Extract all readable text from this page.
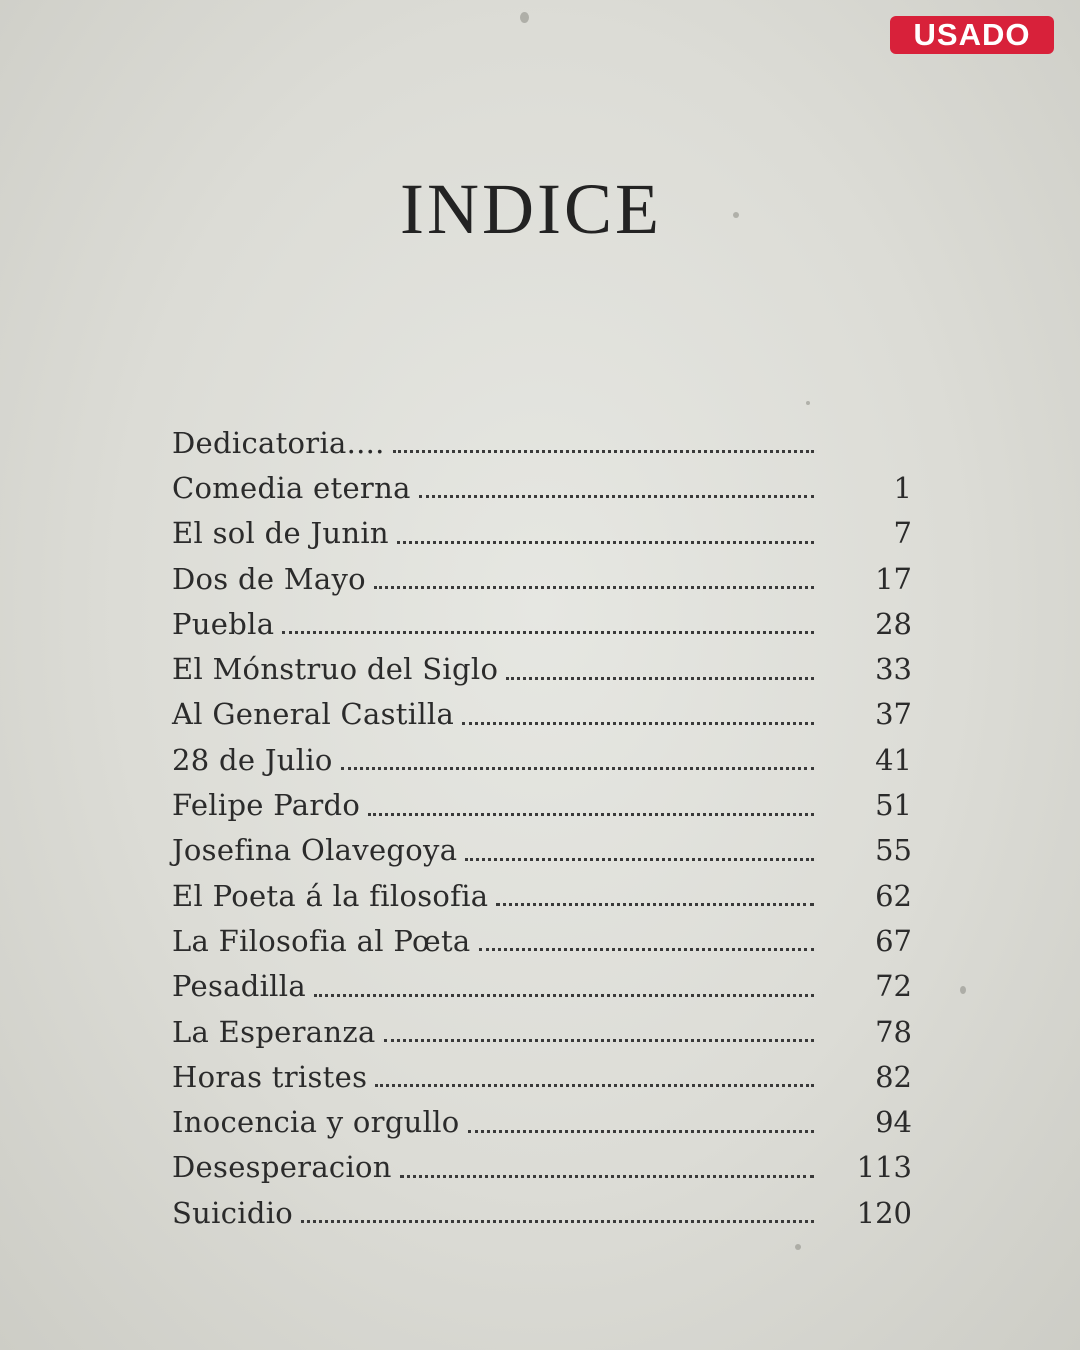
USADO
INDICE
Dedicatoria....
Comedia eterna	1
El sol de Junin	7
Dos de Mayo	17
Puebla	28
El Mónstruo del Siglo	33
Al General Castilla	37
28 de Julio	41
Felipe Pardo	51
Josefina Olavegoya	55
El Poeta á la filosofia	62
La Filosofia al Pœta	67
Pesadilla	72
La Esperanza	78
Horas tristes	82
Inocencia y orgullo	94
Desesperacion	113
Suicidio	120
